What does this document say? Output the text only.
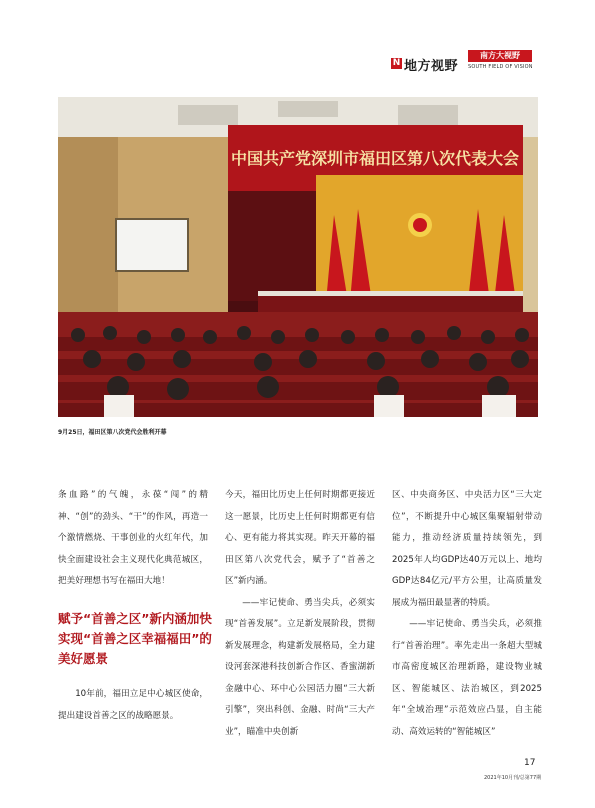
N 地方视野
南方大视野
SOUTH FIELD OF VISION
中国共产党深圳市福田区第八次代表大会
9月25日，福田区第八次党代会胜利开幕

条血路”的气魄，永葆“闯”的精神、“创”的劲头、“干”的作风，再造一个激情燃烧、干事创业的火红年代，加快全面建设社会主义现代化典范城区，把美好理想书写在福田大地！

赋予“首善之区”新内涵加快实现“首善之区幸福福田”的美好愿景

10年前，福田立足中心城区使命，提出建设首善之区的战略愿景。

今天，福田比历史上任何时期都更接近这一愿景，比历史上任何时期都更有信心、更有能力将其实现。昨天开幕的福田区第八次党代会，赋予了“首善之区”新内涵。

——牢记使命、勇当尖兵，必须实现“首善发展”。立足新发展阶段，贯彻新发展理念，构建新发展格局，全力建设河套深港科技创新合作区、香蜜湖新金融中心、环中心公园活力圈“三大新引擎”，突出科创、金融、时尚“三大产业”，瞄准中央创新

区、中央商务区、中央活力区“三大定位”，不断提升中心城区集聚辐射带动能力，推动经济质量持续领先，到2025年人均GDP达40万元以上、地均GDP达84亿元/平方公里，让高质量发展成为福田最显著的特质。

——牢记使命、勇当尖兵，必须推行“首善治理”。率先走出一条超大型城市高密度城区治理新路，建设物业城区、智能城区、法治城区，到2025年“全域治理”示范效应凸显，自主能动、高效运转的“智能城区”

17
2021年10月刊/总第77期
